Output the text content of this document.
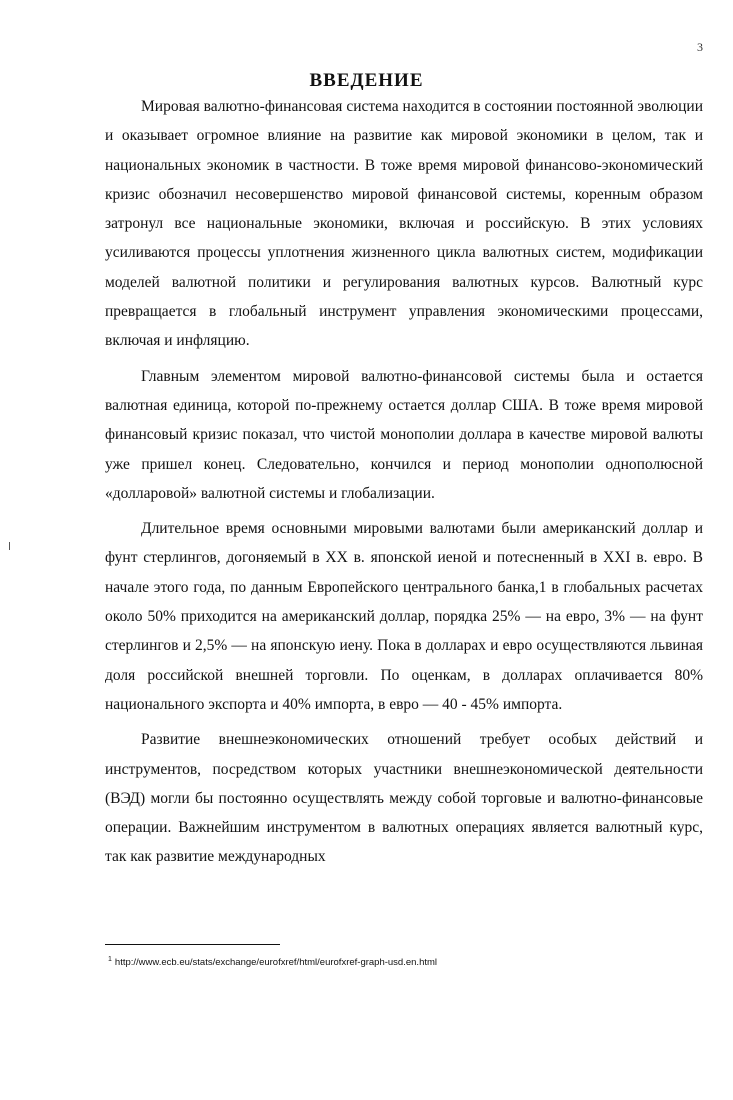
3
ВВЕДЕНИЕ

Мировая валютно-финансовая система находится в состоянии постоянной эволюции и оказывает огромное влияние на развитие как мировой экономики в целом, так и национальных экономик в частности. В тоже время мировой финансово-экономический кризис обозначил несовершенство мировой финансовой системы, коренным образом затронул все национальные экономики, включая и российскую. В этих условиях усиливаются процессы уплотнения жизненного цикла валютных систем, модификации моделей валютной политики и регулирования валютных курсов. Валютный курс превращается в глобальный инструмент управления экономическими процессами, включая и инфляцию.

Главным элементом мировой валютно-финансовой системы была и остается валютная единица, которой по-прежнему остается доллар США. В тоже время мировой финансовый кризис показал, что чистой монополии доллара в качестве мировой валюты уже пришел конец. Следовательно, кончился и период монополии однополюсной «долларовой» валютной системы и глобализации.

Длительное время основными мировыми валютами были американский доллар и фунт стерлингов, догоняемый в XX в. японской иеной и потесненный в XXI в. евро. В начале этого года, по данным Европейского центрального банка,1 в глобальных расчетах около 50% приходится на американский доллар, порядка 25% — на евро, 3% — на фунт стерлингов и 2,5% — на японскую иену. Пока в долларах и евро осуществляются львиная доля российской внешней торговли. По оценкам, в долларах оплачивается 80% национального экспорта и 40% импорта, в евро — 40 - 45% импорта.

Развитие внешнеэкономических отношений требует особых действий и инструментов, посредством которых участники внешнеэкономической деятельности (ВЭД) могли бы постоянно осуществлять между собой торговые и валютно-финансовые операции. Важнейшим инструментом в валютных операциях является валютный курс, так как развитие международных

$^1$ http://www.ecb.eu/stats/exchange/eurofxref/html/eurofxref-graph-usd.en.html
